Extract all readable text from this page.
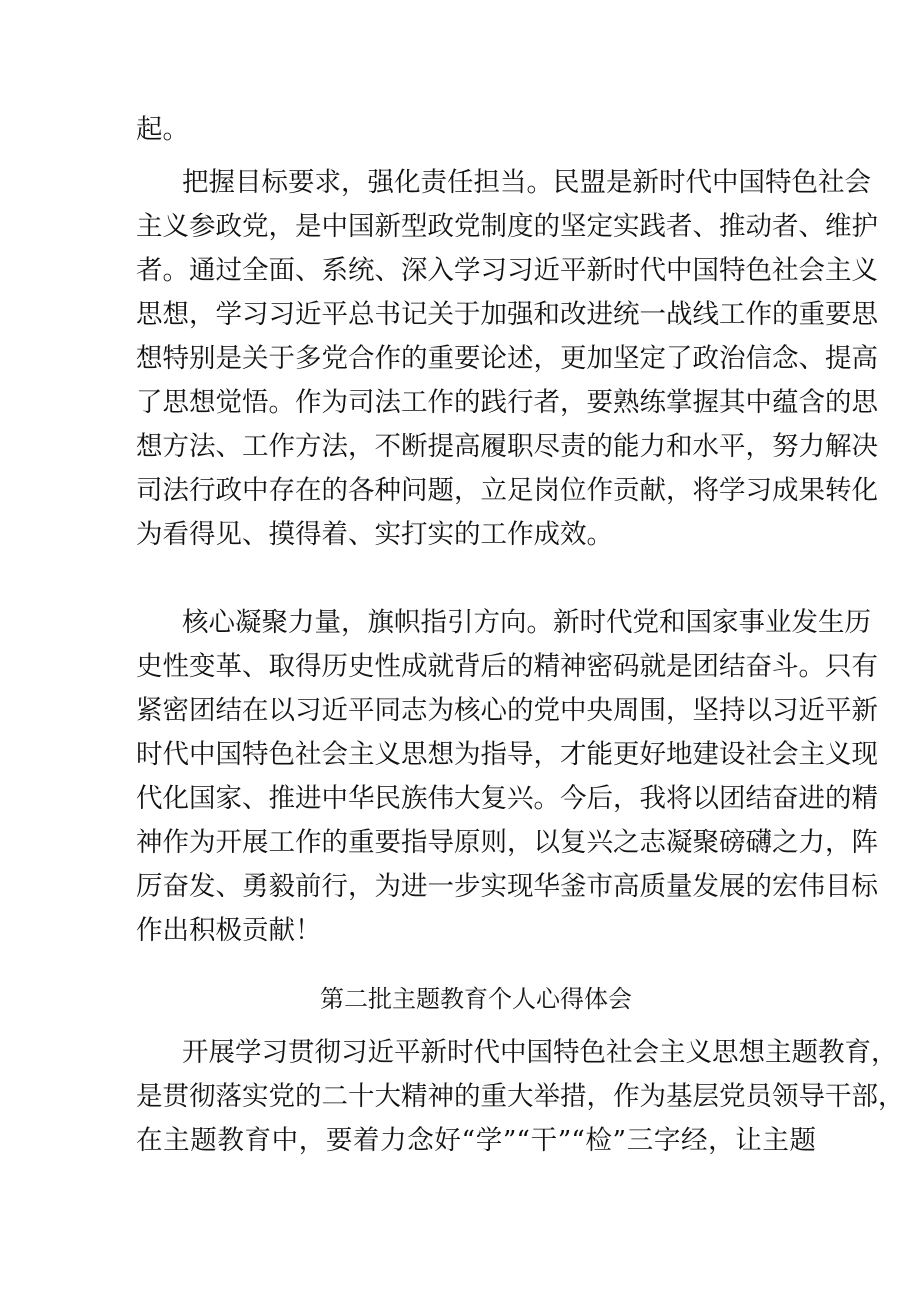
起。
把握目标要求，强化责任担当。民盟是新时代中国特色社会
主义参政党，是中国新型政党制度的坚定实践者、推动者、维护
者。通过全面、系统、深入学习习近平新时代中国特色社会主义
思想，学习习近平总书记关于加强和改进统一战线工作的重要思
想特别是关于多党合作的重要论述，更加坚定了政治信念、提高
了思想觉悟。作为司法工作的践行者，要熟练掌握其中蕴含的思
想方法、工作方法，不断提高履职尽责的能力和水平，努力解决
司法行政中存在的各种问题，立足岗位作贡献，将学习成果转化
为看得见、摸得着、实打实的工作成效。
核心凝聚力量，旗帜指引方向。新时代党和国家事业发生历
史性变革、取得历史性成就背后的精神密码就是团结奋斗。只有
紧密团结在以习近平同志为核心的党中央周围，坚持以习近平新
时代中国特色社会主义思想为指导，才能更好地建设社会主义现
代化国家、推进中华民族伟大复兴。今后，我将以团结奋进的精
神作为开展工作的重要指导原则，以复兴之志凝聚磅礴之力，阵
厉奋发、勇毅前行，为进一步实现华釜市高质量发展的宏伟目标
作出积极贡献！
第二批主题教育个人心得体会
开展学习贯彻习近平新时代中国特色社会主义思想主题教育，
是贯彻落实党的二十大精神的重大举措，作为基层党员领导干部，
在主题教育中，要着力念好“学”“干”“检”三字经，让主题
